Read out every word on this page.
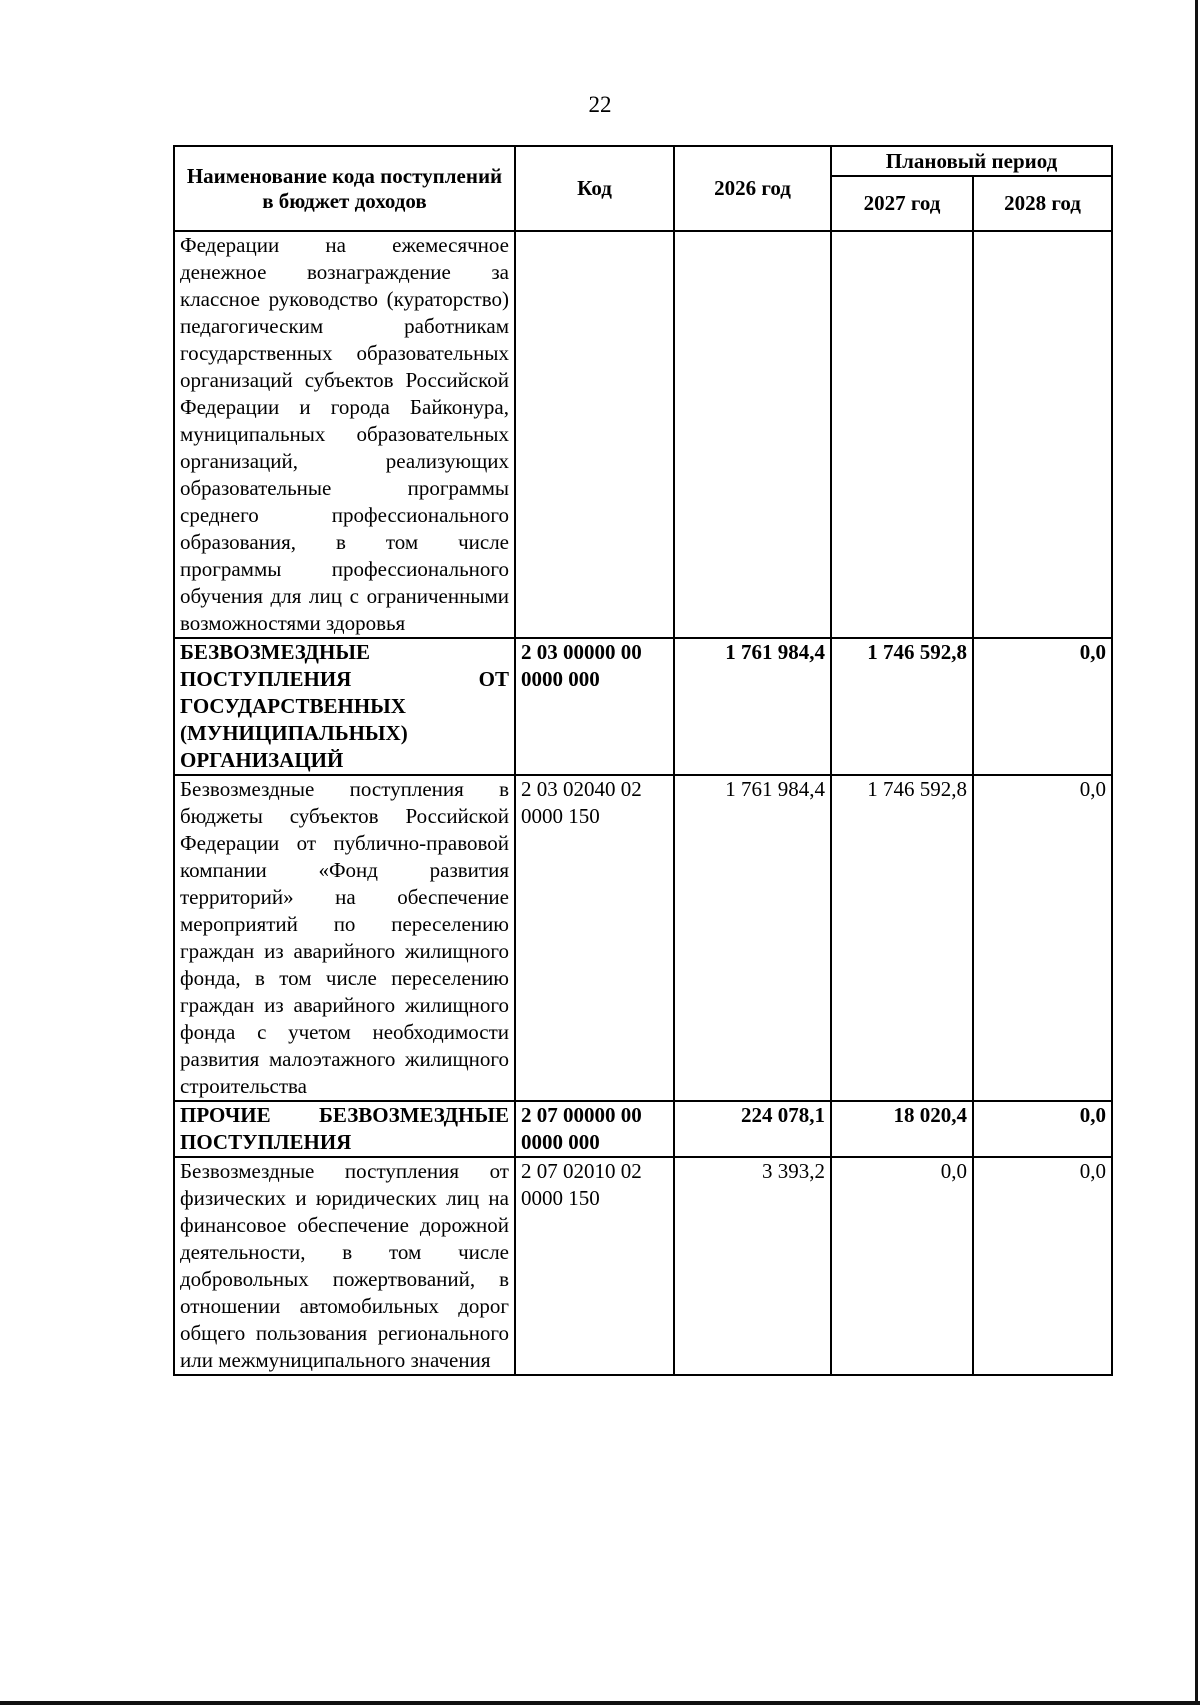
22
Наименование кода поступлений в бюджет доходов	Код	2026 год	Плановый период	
			2027 год	2028 год
Федерации на ежемесячное денежное вознаграждение за классное руководство (кураторство) педагогическим работникам государственных образовательных организаций субъектов Российской Федерации и города Байконура, муниципальных образовательных организаций, реализующих образовательные программы среднего профессионального образования, в том числе программы профессионального обучения для лиц с ограниченными возможностями здоровья				
БЕЗВОЗМЕЗДНЫЕ ПОСТУПЛЕНИЯ ОТ ГОСУДАРСТВЕННЫХ (МУНИЦИПАЛЬНЫХ) ОРГАНИЗАЦИЙ	2 03 00000 00 0000 000	1 761 984,4	1 746 592,8	0,0
Безвозмездные поступления в бюджеты субъектов Российской Федерации от публично-правовой компании «Фонд развития территорий» на обеспечение мероприятий по переселению граждан из аварийного жилищного фонда, в том числе переселению граждан из аварийного жилищного фонда с учетом необходимости развития малоэтажного жилищного строительства	2 03 02040 02 0000 150	1 761 984,4	1 746 592,8	0,0
ПРОЧИЕ БЕЗВОЗМЕЗДНЫЕ ПОСТУПЛЕНИЯ	2 07 00000 00 0000 000	224 078,1	18 020,4	0,0
Безвозмездные поступления от физических и юридических лиц на финансовое обеспечение дорожной деятельности, в том числе добровольных пожертвований, в отношении автомобильных дорог общего пользования регионального или межмуниципального значения	2 07 02010 02 0000 150	3 393,2	0,0	0,0
